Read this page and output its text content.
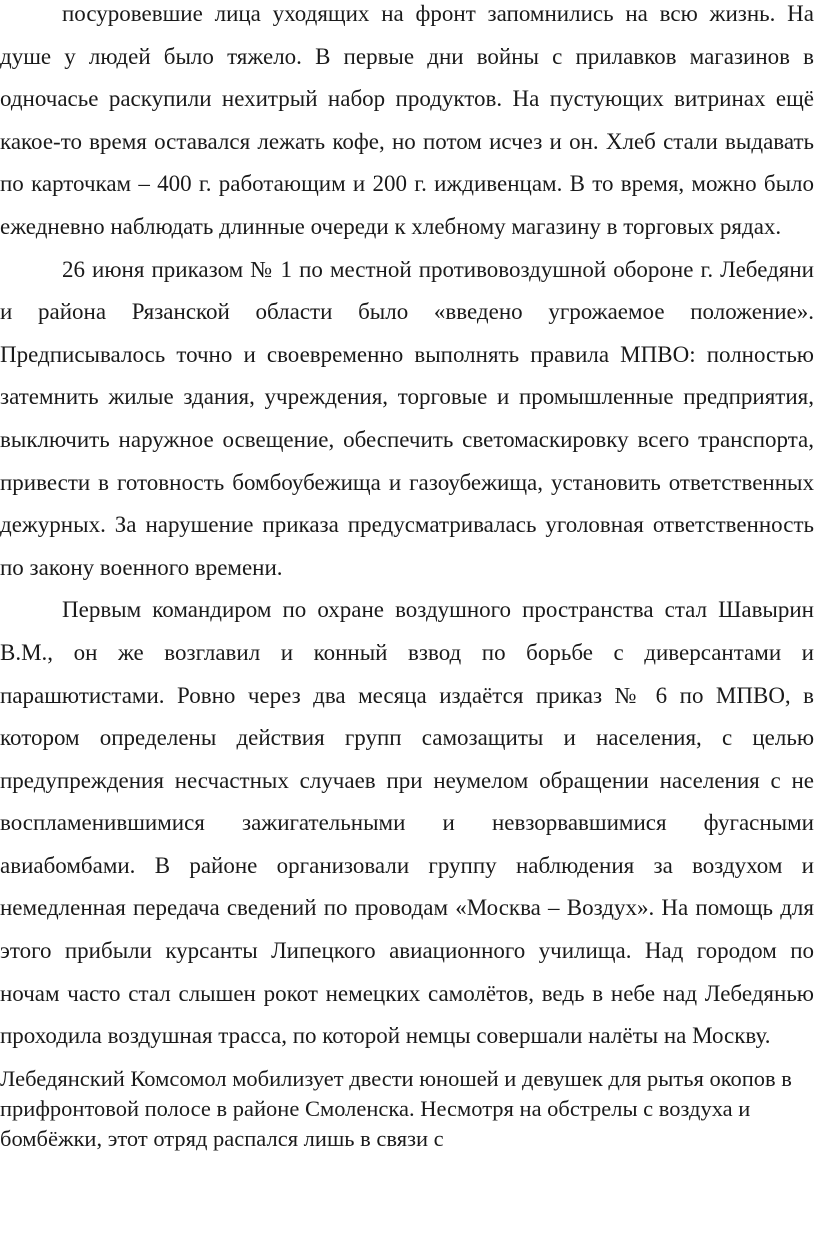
посуровевшие лица уходящих на фронт запомнились на всю жизнь. На душе у людей было тяжело. В первые дни войны с прилавков магазинов в одночасье раскупили нехитрый набор продуктов. На пустующих витринах ещё какое-то время оставался лежать кофе, но потом исчез и он. Хлеб стали выдавать по карточкам – 400 г. работающим и 200 г. иждивенцам. В то время, можно было ежедневно наблюдать длинные очереди к хлебному магазину в торговых рядах.

26 июня приказом № 1 по местной противовоздушной обороне г. Лебедяни и района Рязанской области было «введено угрожаемое положение». Предписывалось точно и своевременно выполнять правила МПВО: полностью затемнить жилые здания, учреждения, торговые и промышленные предприятия, выключить наружное освещение, обеспечить светомаскировку всего транспорта, привести в готовность бомбоубежища и газоубежища, установить ответственных дежурных. За нарушение приказа предусматривалась уголовная ответственность по закону военного времени.

Первым командиром по охране воздушного пространства стал Шавырин В.М., он же возглавил и конный взвод по борьбе с диверсантами и парашютистами. Ровно через два месяца издаётся приказ № 6 по МПВО, в котором определены действия групп самозащиты и населения, с целью предупреждения несчастных случаев при неумелом обращении населения с не воспламенившимися зажигательными и невзорвавшимися фугасными авиабомбами. В районе организовали группу наблюдения за воздухом и немедленная передача сведений по проводам «Москва – Воздух». На помощь для этого прибыли курсанты Липецкого авиационного училища. Над городом по ночам часто стал слышен рокот немецких самолётов, ведь в небе над Лебедянью проходила воздушная трасса, по которой немцы совершали налёты на Москву.

Лебедянский Комсомол мобилизует двести юношей и девушек для рытья окопов в прифронтовой полосе в районе Смоленска. Несмотря на обстрелы с воздуха и бомбёжки, этот отряд распался лишь в связи с
